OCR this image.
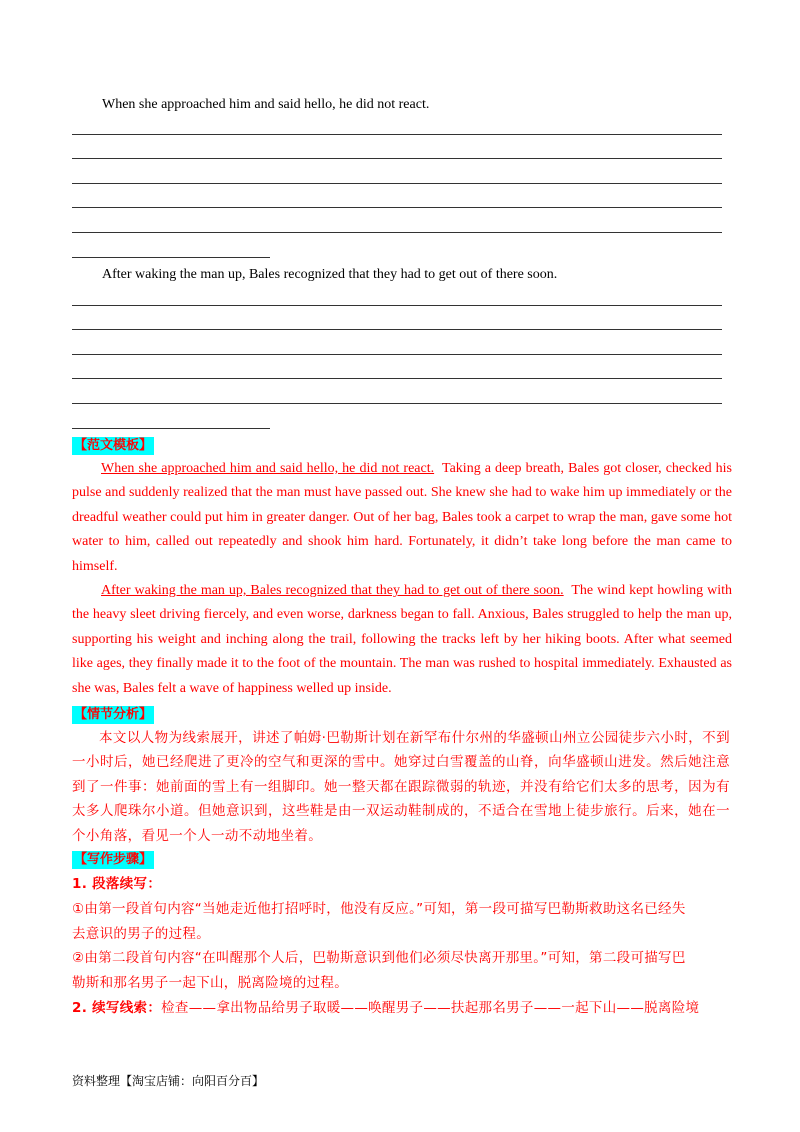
When she approached him and said hello, he did not react.
After waking the man up, Bales recognized that they had to get out of there soon.
【范文模板】

When she approached him and said hello, he did not react. Taking a deep breath, Bales got closer, checked his pulse and suddenly realized that the man must have passed out. She knew she had to wake him up immediately or the dreadful weather could put him in greater danger. Out of her bag, Bales took a carpet to wrap the man, gave some hot water to him, called out repeatedly and shook him hard. Fortunately, it didn’t take long before the man came to himself.

After waking the man up, Bales recognized that they had to get out of there soon. The wind kept howling with the heavy sleet driving fiercely, and even worse, darkness began to fall. Anxious, Bales struggled to help the man up, supporting his weight and inching along the trail, following the tracks left by her hiking boots. After what seemed like ages, they finally made it to the foot of the mountain. The man was rushed to hospital immediately. Exhausted as she was, Bales felt a wave of happiness welled up inside.

【情节分析】

本文以人物为线索展开，讲述了帕姆·巴勒斯计划在新罕布什尔州的华盛顿山州立公园徒步六小时，不到一小时后，她已经爬进了更冷的空气和更深的雪中。她穿过白雪覆盖的山脊，向华盛顿山进发。然后她注意到了一件事：她前面的雪上有一组脚印。她一整天都在跟踪微弱的轨迹，并没有给它们太多的思考，因为有太多人爬珠尔小道。但她意识到，这些鞋是由一双运动鞋制成的，不适合在雪地上徒步旅行。后来，她在一个小角落，看见一个人一动不动地坐着。

【写作步骤】
1. 段落续写：
①由第一段首句内容“当她走近他打招呼时，他没有反应。”可知，第一段可描写巴勒斯救助这名已经失
去意识的男子的过程。
②由第二段首句内容“在叫醒那个人后，巴勒斯意识到他们必须尽快离开那里。”可知，第二段可描写巴
勒斯和那名男子一起下山，脱离险境的过程。
2. 续写线索：检查——拿出物品给男子取暖——唤醒男子——扶起那名男子——一起下山——脱离险境
资料整理【淘宝店铺：向阳百分百】
